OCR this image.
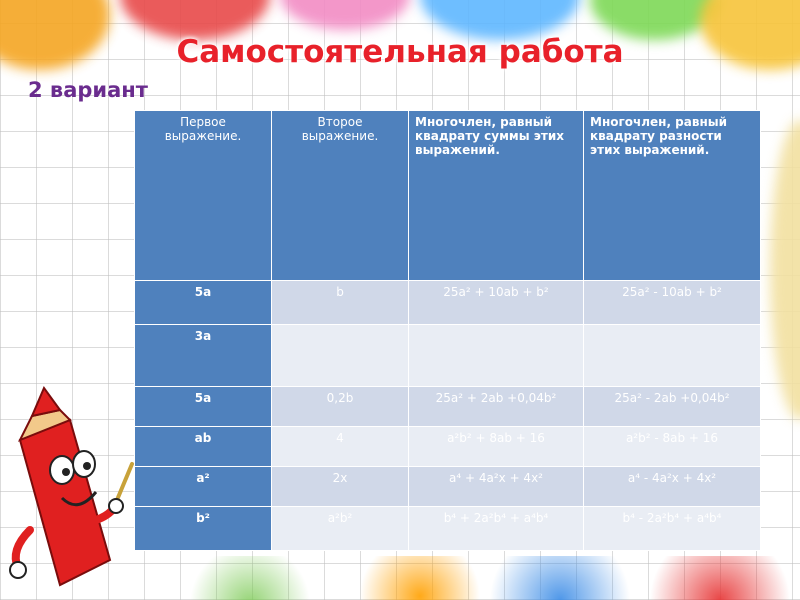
Самостоятельная работа
2 вариант
Первое выражение.	Второе выражение.	Многочлен, равный квадрату суммы этих выражений.	Многочлен, равный квадрату разности этих выражений.
5a	b	25a² + 10ab + b²	25a² - 10ab + b²
3a			
5a	0,2b	25a² + 2ab +0,04b²	25a² - 2ab +0,04b²
ab	4	a²b² + 8ab + 16	a²b² - 8ab + 16
a²	2x	a⁴ + 4a²x + 4x²	a⁴ - 4a²x + 4x²
b²	a²b²	b⁴ + 2a²b⁴ + a⁴b⁴	b⁴ - 2a²b⁴ + a⁴b⁴
